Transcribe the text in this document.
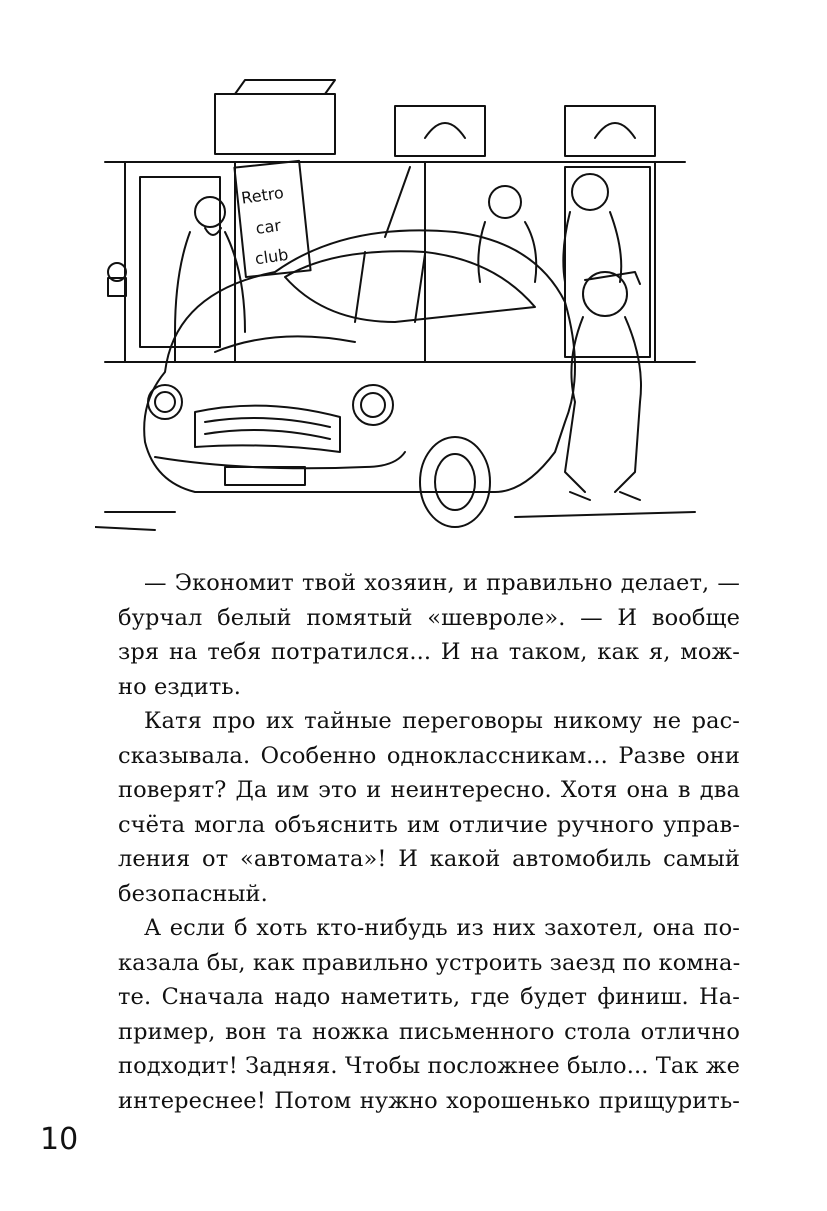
Retro
car
club
— Экономит твой хозяин, и правильно делает, —
бурчал белый помятый «шевроле». — И вообще
зря на тебя потратился... И на таком, как я, мож-
но ездить.
Катя про их тайные переговоры никому не рас-
сказывала. Особенно одноклассникам... Разве они
поверят? Да им это и неинтересно. Хотя она в два
счёта могла объяснить им отличие ручного управ-
ления от «автомата»! И какой автомобиль самый
безопасный.
А если б хоть кто-нибудь из них захотел, она по-
казала бы, как правильно устроить заезд по комна-
те. Сначала надо наметить, где будет финиш. На-
пример, вон та ножка письменного стола отлично
подходит! Задняя. Чтобы посложнее было... Так же
интереснее! Потом нужно хорошенько прищурить-
10
